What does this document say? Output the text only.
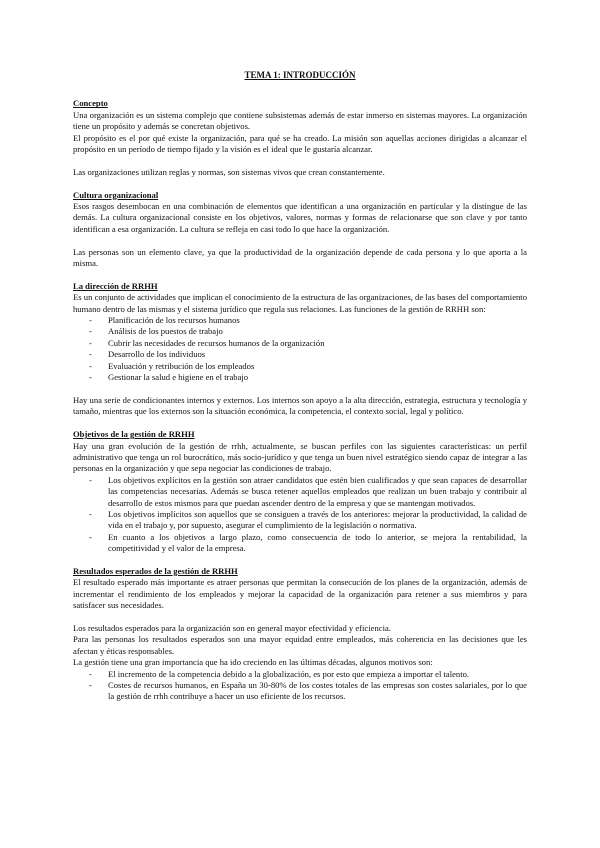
TEMA 1: INTRODUCCIÓN
Concepto

Una organización es un sistema complejo que contiene subsistemas además de estar inmerso en sistemas mayores. La organización tiene un propósito y además se concretan objetivos.

El propósito es el por qué existe la organización, para qué se ha creado. La misión son aquellas acciones dirigidas a alcanzar el propósito en un período de tiempo fijado y la visión es el ideal que le gustaría alcanzar.

Las organizaciones utilizan reglas y normas, son sistemas vivos que crean constantemente.

Cultura organizacional

Esos rasgos desembocan en una combinación de elementos que identifican a una organización en particular y la distingue de las demás. La cultura organizacional consiste en los objetivos, valores, normas y formas de relacionarse que son clave y por tanto identifican a esa organización. La cultura se refleja en casi todo lo que hace la organización.

Las personas son un elemento clave, ya que la productividad de la organización depende de cada persona y lo que aporta a la misma.

La dirección de RRHH

Es un conjunto de actividades que implican el conocimiento de la estructura de las organizaciones, de las bases del comportamiento humano dentro de las mismas y el sistema jurídico que regula sus relaciones. Las funciones de la gestión de RRHH son:

- Planificación de los recursos humanos
- Análisis de los puestos de trabajo
- Cubrir las necesidades de recursos humanos de la organización
- Desarrollo de los individuos
- Evaluación y retribución de los empleados
- Gestionar la salud e higiene en el trabajo

Hay una serie de condicionantes internos y externos. Los internos son apoyo a la alta dirección, estrategia, estructura y tecnología y tamaño, mientras que los externos son la situación económica, la competencia, el contexto social, legal y político.

Objetivos de la gestión de RRHH

Hay una gran evolución de la gestión de rrhh, actualmente, se buscan perfiles con las siguientes características: un perfil administrativo que tenga un rol burocrático, más socio-jurídico y que tenga un buen nivel estratégico siendo capaz de integrar a las personas en la organización y que sepa negociar las condiciones de trabajo.

- Los objetivos explícitos en la gestión son atraer candidatos que estén bien cualificados y que sean capaces de desarrollar las competencias necesarias. Además se busca retener aquellos empleados que realizan un buen trabajo y contribuir al desarrollo de estos mismos para que puedan ascender dentro de la empresa y que se mantengan motivados.
- Los objetivos implícitos son aquellos que se consiguen a través de los anteriores: mejorar la productividad, la calidad de vida en el trabajo y, por supuesto, asegurar el cumplimiento de la legislación o normativa.
- En cuanto a los objetivos a largo plazo, como consecuencia de todo lo anterior, se mejora la rentabilidad, la competitividad y el valor de la empresa.
Resultados esperados de la gestión de RRHH

El resultado esperado más importante es atraer personas que permitan la consecución de los planes de la organización, además de incrementar el rendimiento de los empleados y mejorar la capacidad de la organización para retener a sus miembros y para satisfacer sus necesidades.

Los resultados esperados para la organización son en general mayor efectividad y eficiencia.

Para las personas los resultados esperados son una mayor equidad entre empleados, más coherencia en las decisiones que les afectan y éticas responsables.

La gestión tiene una gran importancia que ha ido creciendo en las últimas décadas, algunos motivos son:

- El incremento de la competencia debido a la globalización, es por esto que empieza a importar el talento.
- Costes de recursos humanos, en España un 30-80% de los costes totales de las empresas son costes salariales, por lo que la gestión de rrhh contribuye a hacer un uso eficiente de los recursos.
